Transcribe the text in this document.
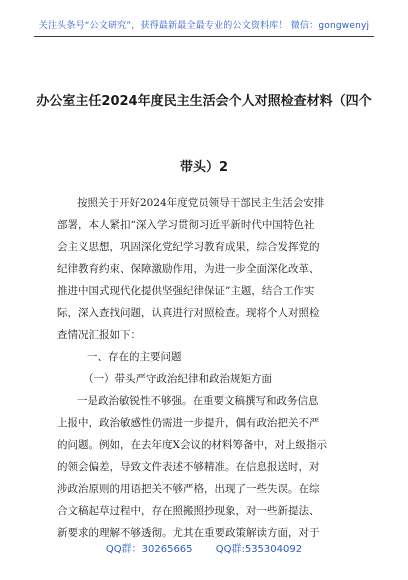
关注头条号“公文研究”，获得最新最全最专业的公文资料库！ 微信：gongwenyj
办公室主任2024年度民主生活会个人对照检查材料（四个
带头）2
按照关于开好2024年度党员领导干部民主生活会安排
部署，本人紧扣“深入学习贯彻习近平新时代中国特色社
会主义思想，巩固深化党纪学习教育成果，综合发挥党的
纪律教育约束、保障激励作用，为进一步全面深化改革、
推进中国式现代化提供坚强纪律保证”主题，结合工作实
际，深入查找问题，认真进行对照检查。现将个人对照检
查情况汇报如下：
一、存在的主要问题
（一）带头严守政治纪律和政治规矩方面
一是政治敏锐性不够强。在重要文稿撰写和政务信息
上报中，政治敏感性仍需进一步提升，偶有政治把关不严
的问题。例如，在去年度X会议的材料筹备中，对上级指示
的领会偏差，导致文件表述不够精准。在信息报送时，对
涉政治原则的用语把关不够严格，出现了一些失误。在综
合文稿起草过程中，存在照搬照抄现象，对一些新提法、
新要求的理解不够透彻。尤其在重要政策解读方面，对于
QQ群：30265665 QQ群:535304092
